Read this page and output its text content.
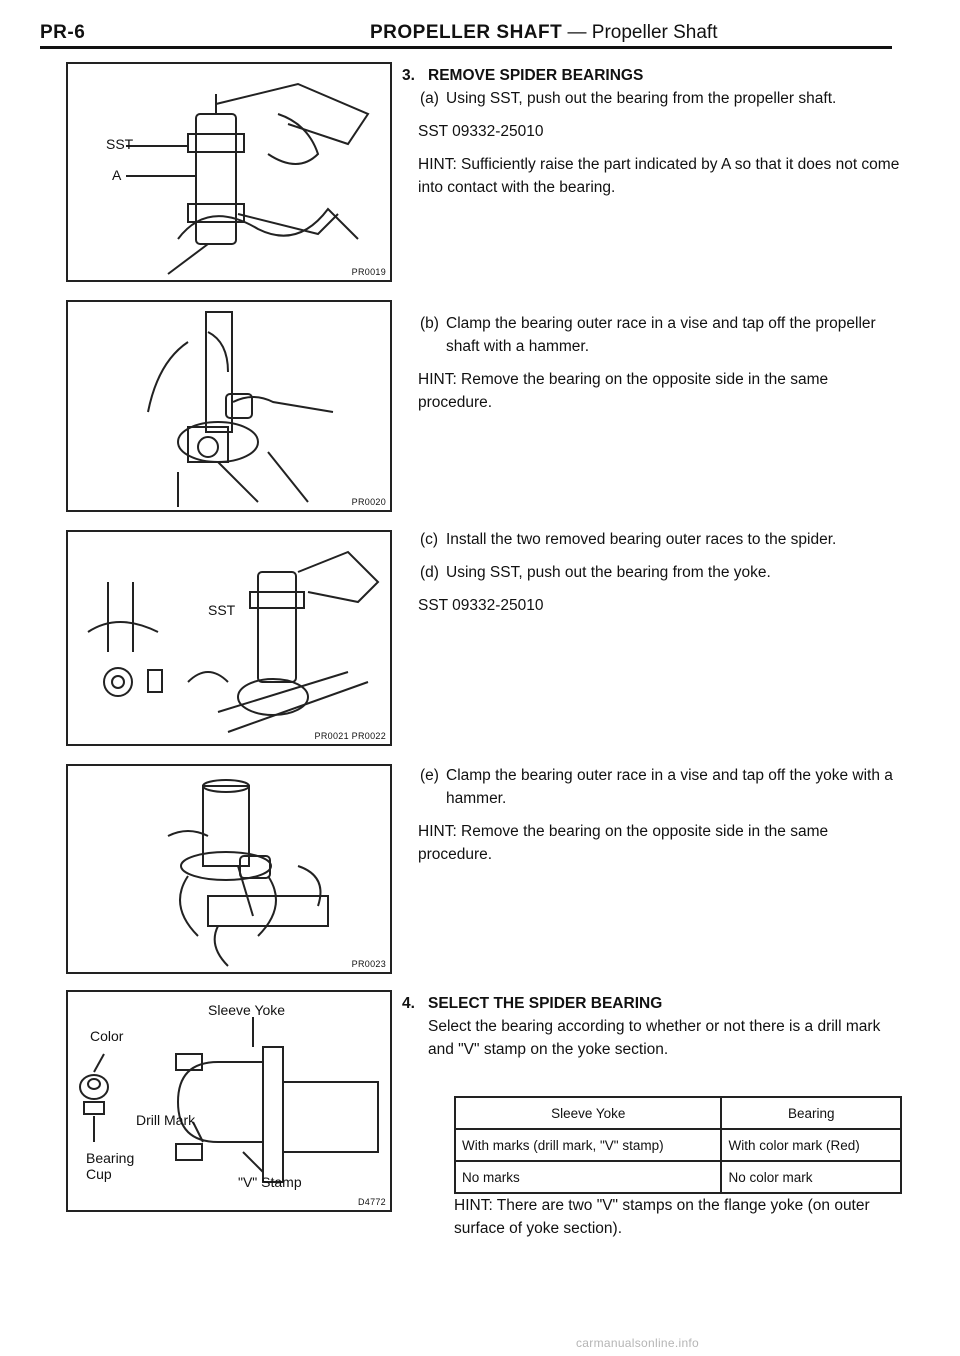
PR-6	PROPELLER SHAFT — Propeller Shaft
SST
A
PR0019
PR0020
SST
PR0021 PR0022
PR0023
Sleeve Yoke
Color
Drill Mark
Bearing
Cup	"V" Stamp
D4772
3. REMOVE SPIDER BEARINGS
(a) Using SST, push out the bearing from the propeller shaft.
SST 09332-25010
HINT: Sufficiently raise the part indicated by A so that it does not come into contact with the bearing.
(b) Clamp the bearing outer race in a vise and tap off the propeller shaft with a hammer.
HINT: Remove the bearing on the opposite side in the same procedure.
(c) Install the two removed bearing outer races to the spider.
(d) Using SST, push out the bearing from the yoke.
SST 09332-25010
(e) Clamp the bearing outer race in a vise and tap off the yoke with a hammer.
HINT: Remove the bearing on the opposite side in the same procedure.
4. SELECT THE SPIDER BEARING
Select the bearing according to whether or not there is a drill mark and "V" stamp on the yoke section.
Sleeve Yoke	Bearing
With marks (drill mark, "V" stamp)	With color mark (Red)
No marks	No color mark
HINT: There are two "V" stamps on the flange yoke (on outer surface of yoke section).
carmanualsonline.info
